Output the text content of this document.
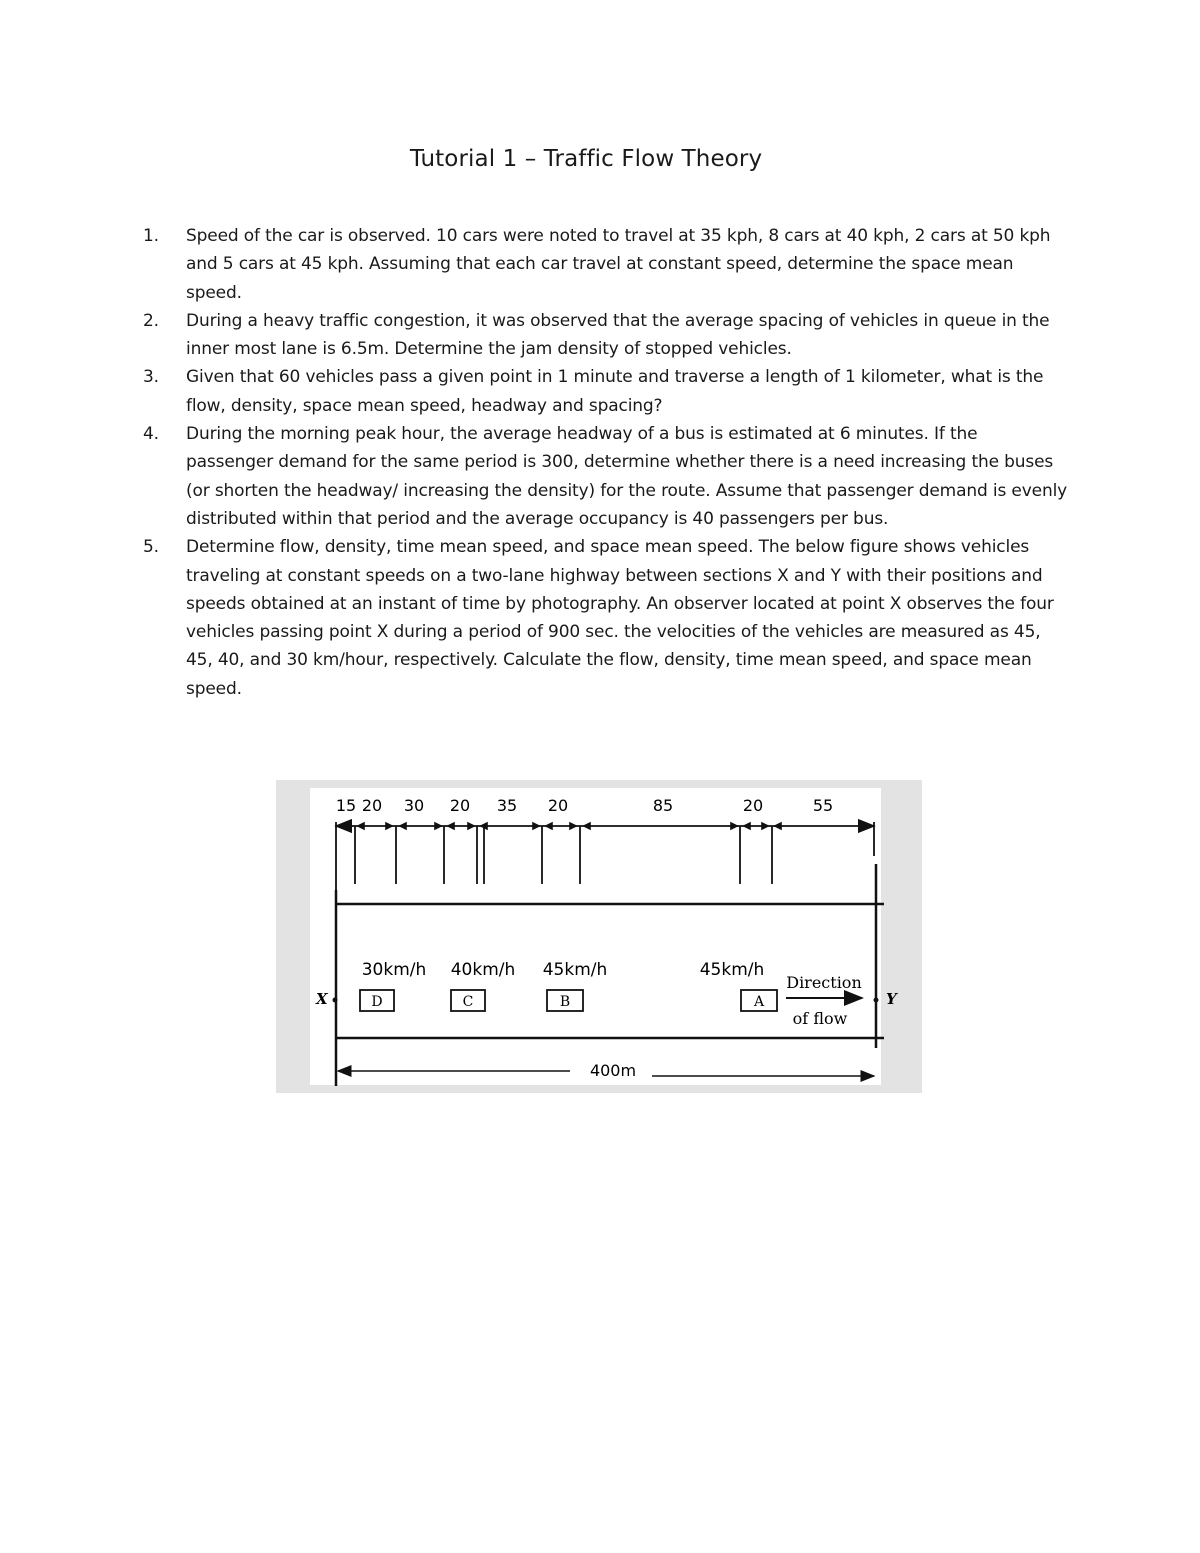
Tutorial 1 – Traffic Flow Theory
1. Speed of the car is observed. 10 cars were noted to travel at 35 kph, 8 cars at 40 kph, 2 cars at 50 kph and 5 cars at 45 kph. Assuming that each car travel at constant speed, determine the space mean speed.
2. During a heavy traffic congestion, it was observed that the average spacing of vehicles in queue in the inner most lane is 6.5m. Determine the jam density of stopped vehicles.
3. Given that 60 vehicles pass a given point in 1 minute and traverse a length of 1 kilometer, what is the flow, density, space mean speed, headway and spacing?
4. During the morning peak hour, the average headway of a bus is estimated at 6 minutes. If the passenger demand for the same period is 300, determine whether there is a need increasing the buses (or shorten the headway/ increasing the density) for the route. Assume that passenger demand is evenly distributed within that period and the average occupancy is 40 passengers per bus.
5. Determine flow, density, time mean speed, and space mean speed. The below figure shows vehicles traveling at constant speeds on a two-lane highway between sections X and Y with their positions and speeds obtained at an instant of time by photography. An observer located at point X observes the four vehicles passing point X during a period of 900 sec. the velocities of the vehicles are measured as 45, 45, 40, and 30 km/hour, respectively. Calculate the flow, density, time mean speed, and space mean speed.
15 20 30 20 35 20	85	20	55
X	Y
30km/h
D
40km/h
C
45km/h
B
45km/h
A
Direction
of flow
400m
